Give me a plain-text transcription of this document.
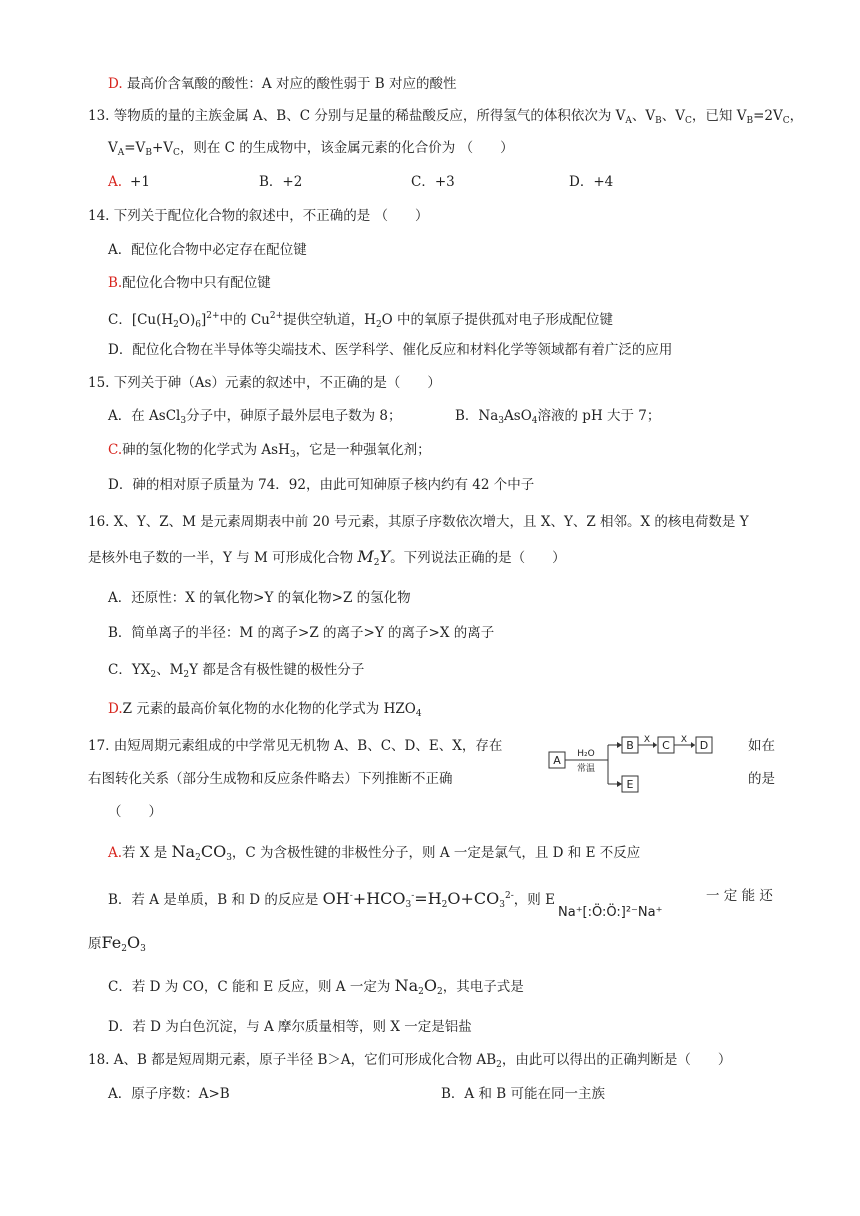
D. 最高价含氧酸的酸性：A 对应的酸性弱于 B 对应的酸性
13. 等物质的量的主族金属 A、B、C 分别与足量的稀盐酸反应，所得氢气的体积依次为 $V_A$、$V_B$、$V_C$，已知 $V_B=2V_C$，
$V_A=V_B+V_C$，则在 C 的生成物中，该金属元素的化合价为 （　　）
A. +1	B．+2	C．+3	D．+4
14. 下列关于配位化合物的叙述中，不正确的是 （　　）
A．配位化合物中必定存在配位键
B.配位化合物中只有配位键
C．$[Cu(H_2O)_6]^{2+}$中的 $Cu^{2+}$提供空轨道，$H_2O$ 中的氧原子提供孤对电子形成配位键
D．配位化合物在半导体等尖端技术、医学科学、催化反应和材料化学等领域都有着广泛的应用
15. 下列关于砷（As）元素的叙述中，不正确的是（　　）
A．在 AsCl$_3$分子中，砷原子最外层电子数为 8；	B．$Na_3AsO_4$溶液的 pH 大于 7；
C.砷的氢化物的化学式为 AsH$_3$，它是一种强氧化剂；
D．砷的相对原子质量为 74．92，由此可知砷原子核内约有 42 个中子
16. X、Y、Z、M 是元素周期表中前 20 号元素，其原子序数依次增大，且 X、Y、Z 相邻。X 的核电荷数是 Y
是核外电子数的一半，Y 与 M 可形成化合物 $M_2Y$。下列说法正确的是（　　）
A．还原性：X 的氧化物>Y 的氧化物>Z 的氢化物
B．简单离子的半径：M 的离子>Z 的离子>Y 的离子>X 的离子
C．$YX_2$、$M_2Y$ 都是含有极性键的极性分子
D.Z 元素的最高价氧化物的水化物的化学式为 $HZO_4$
17. 由短周期元素组成的中学常见无机物 A、B、C、D、E、X，存在	如在
右图转化关系（部分生成物和反应条件略去）下列推断不正确	的是
（　　）
A
B	C	D
E
X	X
H₂O
常温
A.若 X 是 $Na_2CO_3$，C 为含极性键的非极性分子，则 A 一定是氯气，且 D 和 E 不反应
B．若 A 是单质，B 和 D 的反应是 $OH^-+HCO_3^-=H_2O+CO_3^{2-}$，则 E	一 定 能 还
Na⁺[:Ö:Ö:]²⁻Na⁺
原$Fe_2O_3$
C．若 D 为 CO，C 能和 E 反应，则 A 一定为 $Na_2O_2$，其电子式是
D．若 D 为白色沉淀，与 A 摩尔质量相等，则 X 一定是铝盐
18. A、B 都是短周期元素，原子半径 B＞A，它们可形成化合物 $AB_2$，由此可以得出的正确判断是（　　）
A．原子序数：A>B	B．A 和 B 可能在同一主族
